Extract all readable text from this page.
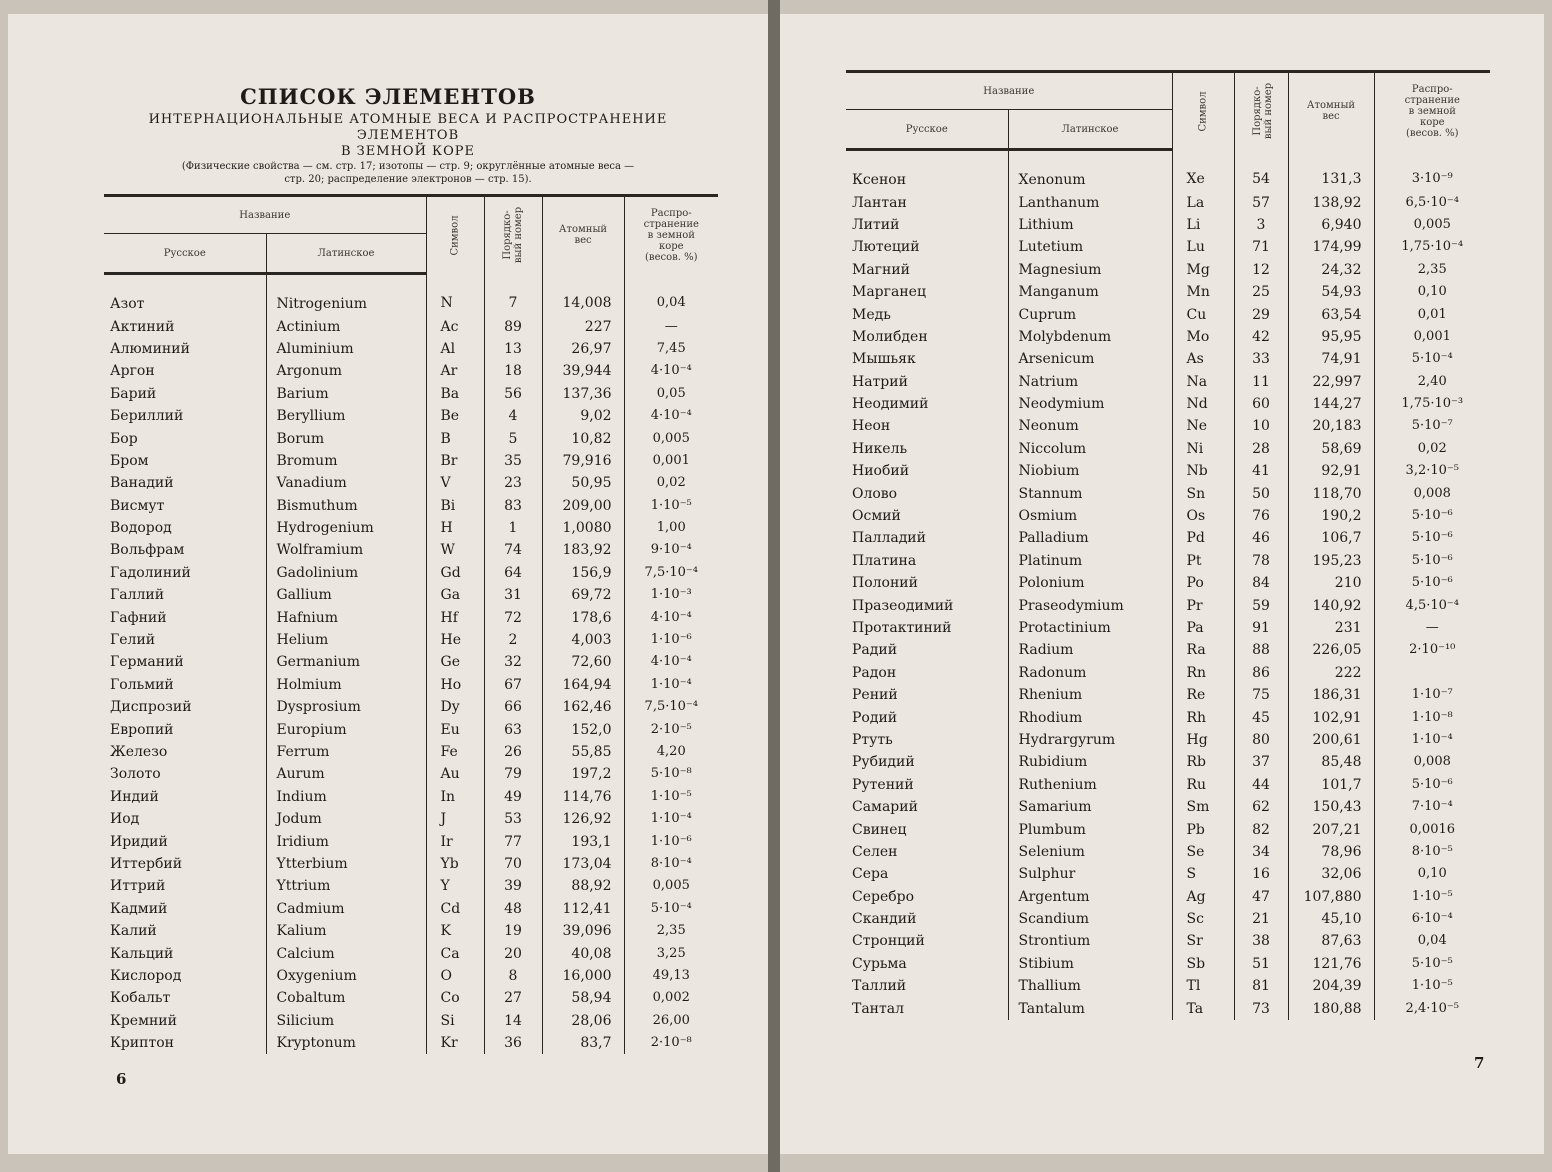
СПИСОК ЭЛЕМЕНТОВ
ИНТЕРНАЦИОНАЛЬНЫЕ АТОМНЫЕ ВЕСА И РАСПРОСТРАНЕНИЕ ЭЛЕМЕНТОВ
В ЗЕМНОЙ КОРЕ
(Физические свойства — см. стр. 17; изотопы — стр. 9; округлённые атомные веса —
стр. 20; распределение электронов — стр. 15).
Название		Символ	Порядко-
вый номер	Атомный
вес	Распро-
странение
в земной
коре
(весов. %)
Русское	Латинское				
Азот	Nitrogenium	N	7	14,008	0,04
Актиний	Actinium	Ac	89	227	—
Алюминий	Aluminium	Al	13	26,97	7,45
Аргон	Argonum	Ar	18	39,944	4·10⁻⁴
Барий	Barium	Ba	56	137,36	0,05
Бериллий	Beryllium	Be	4	9,02	4·10⁻⁴
Бор	Borum	B	5	10,82	0,005
Бром	Bromum	Br	35	79,916	0,001
Ванадий	Vanadium	V	23	50,95	0,02
Висмут	Bismuthum	Bi	83	209,00	1·10⁻⁵
Водород	Hydrogenium	H	1	1,0080	1,00
Вольфрам	Wolframium	W	74	183,92	9·10⁻⁴
Гадолиний	Gadolinium	Gd	64	156,9	7,5·10⁻⁴
Галлий	Gallium	Ga	31	69,72	1·10⁻³
Гафний	Hafnium	Hf	72	178,6	4·10⁻⁴
Гелий	Helium	He	2	4,003	1·10⁻⁶
Германий	Germanium	Ge	32	72,60	4·10⁻⁴
Гольмий	Holmium	Ho	67	164,94	1·10⁻⁴
Диспрозий	Dysprosium	Dy	66	162,46	7,5·10⁻⁴
Европий	Europium	Eu	63	152,0	2·10⁻⁵
Железо	Ferrum	Fe	26	55,85	4,20
Золото	Aurum	Au	79	197,2	5·10⁻⁸
Индий	Indium	In	49	114,76	1·10⁻⁵
Иод	Jodum	J	53	126,92	1·10⁻⁴
Иридий	Iridium	Ir	77	193,1	1·10⁻⁶
Иттербий	Ytterbium	Yb	70	173,04	8·10⁻⁴
Иттрий	Yttrium	Y	39	88,92	0,005
Кадмий	Cadmium	Cd	48	112,41	5·10⁻⁴
Калий	Kalium	K	19	39,096	2,35
Кальций	Calcium	Ca	20	40,08	3,25
Кислород	Oxygenium	O	8	16,000	49,13
Кобальт	Cobaltum	Co	27	58,94	0,002
Кремний	Silicium	Si	14	28,06	26,00
Криптон	Kryptonum	Kr	36	83,7	2·10⁻⁸
6
Название		Символ	Порядко-
вый номер	Атомный
вес	Распро-
странение
в земной
коре
(весов. %)
Русское	Латинское				
Ксенон	Xenonum	Xe	54	131,3	3·10⁻⁹
Лантан	Lanthanum	La	57	138,92	6,5·10⁻⁴
Литий	Lithium	Li	3	6,940	0,005
Лютеций	Lutetium	Lu	71	174,99	1,75·10⁻⁴
Магний	Magnesium	Mg	12	24,32	2,35
Марганец	Manganum	Mn	25	54,93	0,10
Медь	Cuprum	Cu	29	63,54	0,01
Молибден	Molybdenum	Mo	42	95,95	0,001
Мышьяк	Arsenicum	As	33	74,91	5·10⁻⁴
Натрий	Natrium	Na	11	22,997	2,40
Неодимий	Neodymium	Nd	60	144,27	1,75·10⁻³
Неон	Neonum	Ne	10	20,183	5·10⁻⁷
Никель	Niccolum	Ni	28	58,69	0,02
Ниобий	Niobium	Nb	41	92,91	3,2·10⁻⁵
Олово	Stannum	Sn	50	118,70	0,008
Осмий	Osmium	Os	76	190,2	5·10⁻⁶
Палладий	Palladium	Pd	46	106,7	5·10⁻⁶
Платина	Platinum	Pt	78	195,23	5·10⁻⁶
Полоний	Polonium	Po	84	210	5·10⁻⁶
Празеодимий	Praseodymium	Pr	59	140,92	4,5·10⁻⁴
Протактиний	Protactinium	Pa	91	231	—
Радий	Radium	Ra	88	226,05	2·10⁻¹⁰
Радон	Radonum	Rn	86	222	
Рений	Rhenium	Re	75	186,31	1·10⁻⁷
Родий	Rhodium	Rh	45	102,91	1·10⁻⁸
Ртуть	Hydrargyrum	Hg	80	200,61	1·10⁻⁴
Рубидий	Rubidium	Rb	37	85,48	0,008
Рутений	Ruthenium	Ru	44	101,7	5·10⁻⁶
Самарий	Samarium	Sm	62	150,43	7·10⁻⁴
Свинец	Plumbum	Pb	82	207,21	0,0016
Селен	Selenium	Se	34	78,96	8·10⁻⁵
Сера	Sulphur	S	16	32,06	0,10
Серебро	Argentum	Ag	47	107,880	1·10⁻⁵
Скандий	Scandium	Sc	21	45,10	6·10⁻⁴
Стронций	Strontium	Sr	38	87,63	0,04
Сурьма	Stibium	Sb	51	121,76	5·10⁻⁵
Таллий	Thallium	Tl	81	204,39	1·10⁻⁵
Тантал	Tantalum	Ta	73	180,88	2,4·10⁻⁵
7
